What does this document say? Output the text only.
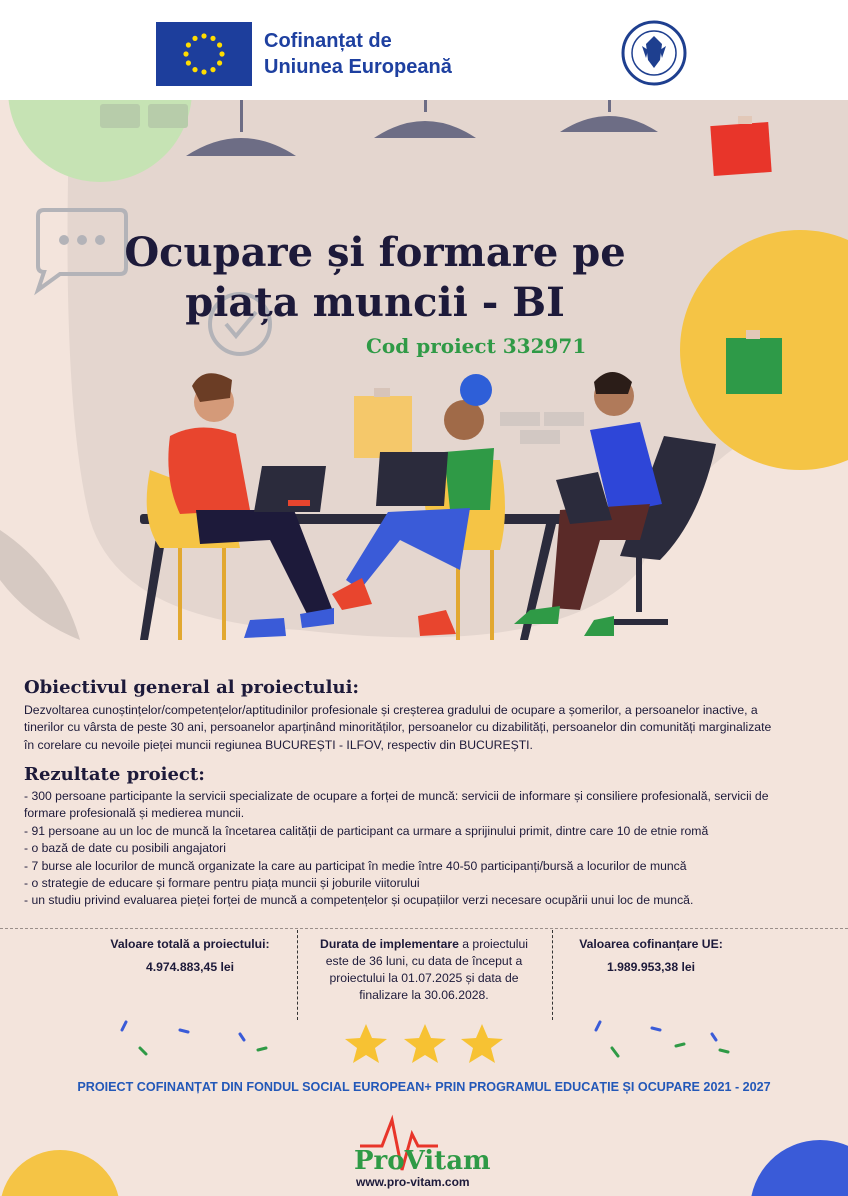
Cofinanțat de
Uniunea Europeană
Ocupare și formare pe
piața muncii - BI
Cod proiect 332971
Obiectivul general al proiectului:
Dezvoltarea cunoștințelor/competențelor/aptitudinilor profesionale și creșterea gradului de ocupare a șomerilor, a persoanelor inactive, a
tinerilor cu vârsta de peste 30 ani, persoanelor aparținând minorităților, persoanelor cu dizabilități, persoanelor din comunități marginalizate
în corelare cu nevoile pieței muncii regiunea BUCUREȘTI - ILFOV, respectiv din BUCUREȘTI.
Rezultate proiect:
- 300 persoane participante la servicii specializate de ocupare a forței de muncă: servicii de informare și consiliere profesională, servicii de
formare profesională și medierea muncii.
- 91 persoane au un loc de muncă la încetarea calității de participant ca urmare a sprijinului primit, dintre care 10 de etnie romă
- o bază de date cu posibili angajatori
- 7 burse ale locurilor de muncă organizate la care au participat în medie între 40-50 participanți/bursă a locurilor de muncă
- o strategie de educare și formare pentru piața muncii și joburile viitorului
- un studiu privind evaluarea pieței forței de muncă a competențelor și ocupațiilor verzi necesare ocupării unui loc de muncă.
Valoare totală a proiectului:
4.974.883,45 lei
Durata de implementare a proiectului
este de 36 luni, cu data de început a
proiectului la 01.07.2025 și data de
finalizare la 30.06.2028.
Valoarea cofinanțare UE:
1.989.953,38 lei
PROIECT COFINANȚAT DIN FONDUL SOCIAL EUROPEAN+ PRIN PROGRAMUL EDUCAȚIE ȘI OCUPARE 2021 - 2027
ProVitam
www.pro-vitam.com
